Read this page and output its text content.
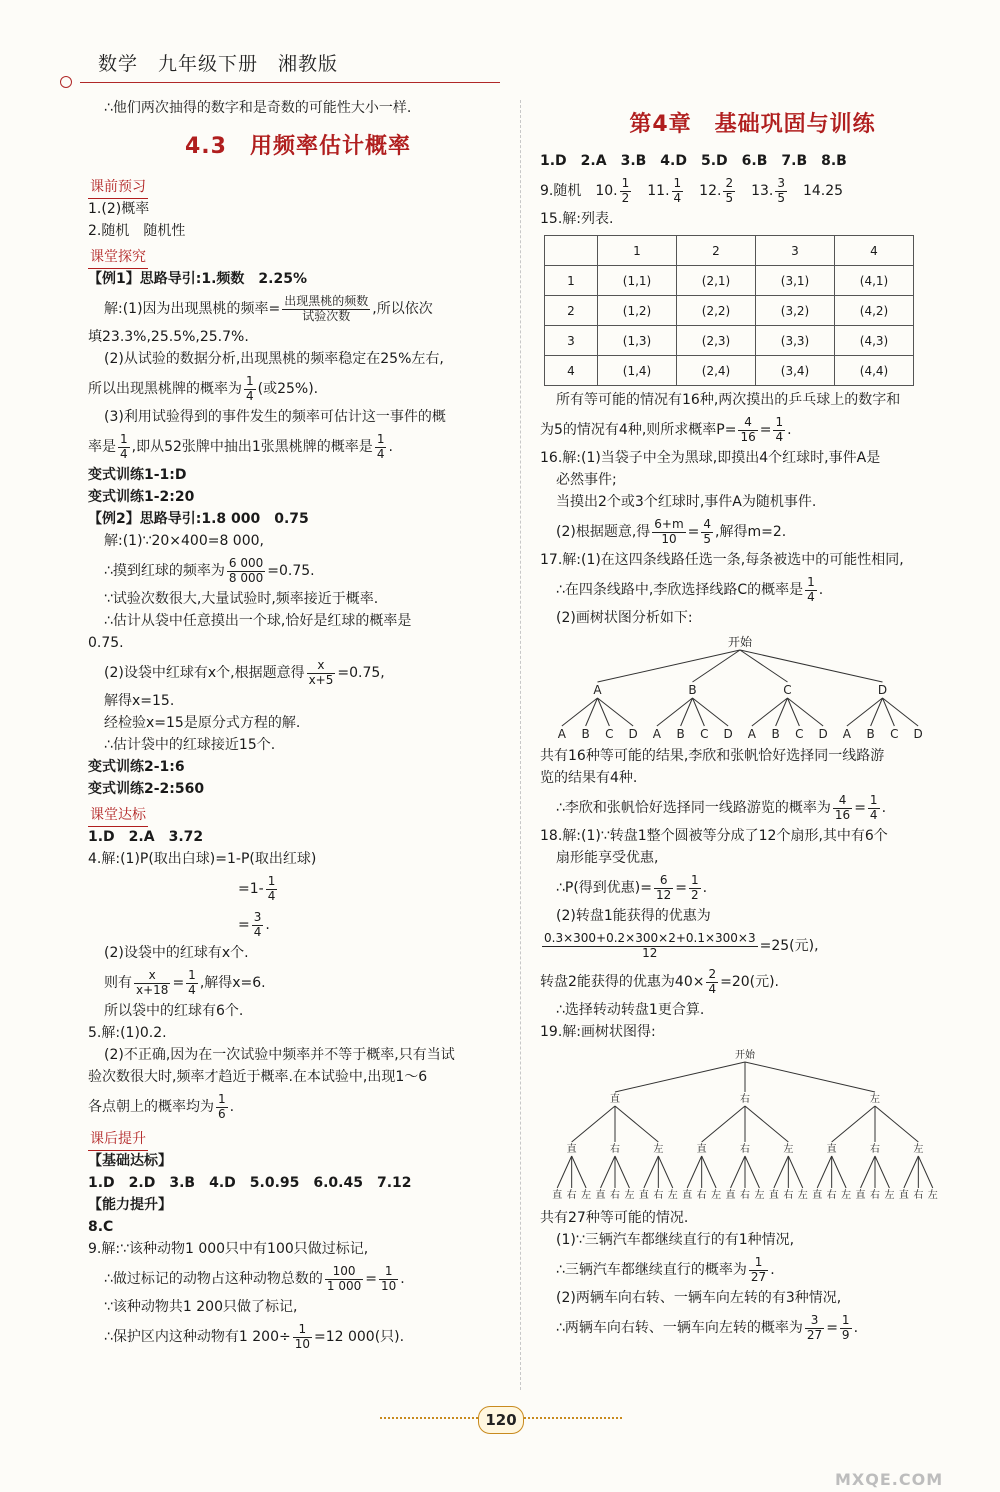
数学　九年级下册　湘教版

∴他们两次抽得的数字和是奇数的可能性大小一样.

4.3　用频率估计概率
课前预习

1.(2)概率

2.随机　随机性

课堂探究

【例1】思路导引:1.频数　2.25%

解:(1)因为出现黑桃的频率= $\frac{\text{出现黑桃的频数}}{\text{试验次数}}$ ,所以依次

填23.3%,25.5%,25.7%.

(2)从试验的数据分析,出现黑桃的频率稳定在25%左右,

所以出现黑桃牌的概率为 $\frac{1}{4}$ (或25%).

(3)利用试验得到的事件发生的频率可估计这一事件的概

率是 $\frac{1}{4}$ ,即从52张牌中抽出1张黑桃牌的概率是 $\frac{1}{4}$ .

变式训练1-1:D

变式训练1-2:20

【例2】思路导引:1.8 000　0.75

解:(1)∵20×400=8 000,

∴摸到红球的频率为 $\frac{6 000}{8 000} =0.75$.

∵试验次数很大,大量试验时,频率接近于概率.

∴估计从袋中任意摸出一个球,恰好是红球的概率是

0.75.

(2)设袋中红球有x个,根据题意得 $\frac{x}{x+5} =0.75$,

解得x=15.

经检验x=15是原分式方程的解.

∴估计袋中的红球接近15个.

变式训练2-1:6

变式训练2-2:560

课堂达标

1.D　2.A　3.72

4.解:(1)P(取出白球)=1-P(取出红球)

$=1- \frac{1}{4}$

= $\frac{3}{4}$ .

(2)设袋中的红球有x个.

则有 $\frac{x}{x+18} = \frac{1}{4}$ ,解得x=6.

所以袋中的红球有6个.

5.解:(1)0.2.

(2)不正确,因为在一次试验中频率并不等于概率,只有当试

验次数很大时,频率才趋近于概率.在本试验中,出现1～6

各点朝上的概率均为 $\frac{1}{6}$ .

课后提升

【基础达标】

1.D　2.D　3.B　4.D　5.0.95　6.0.45　7.12

【能力提升】

8.C

9.解:∵该种动物1 000只中有100只做过标记,

∴做过标记的动物占这种动物总数的 $\frac{100}{1 000} = \frac{1}{10}$ .

∵该种动物共1 200只做了标记,

∴保护区内这种动物有1 $200\div \frac{1}{10} =12$ 000(只).

第4章　基础巩固与训练

1.D　2.A　3.B　4.D　5.D　6.B　7.B　8.B

9.随机　10. $\frac{1}{2}$ 　11. $\frac{1}{4}$ 　12. $\frac{2}{5}$ 　13. $\frac{3}{5}$ 　14.25

15.解:列表.

	1	2	3	4
1	(1,1)	(2,1)	(3,1)	(4,1)
2	(1,2)	(2,2)	(3,2)	(4,2)
3	(1,3)	(2,3)	(3,3)	(4,3)
4	(1,4)	(2,4)	(3,4)	(4,4)

所有等可能的情况有16种,两次摸出的乒乓球上的数字和

为5的情况有4种,则所求概率$P= \frac{4}{16} = \frac{1}{4}$ .

16.解:(1)当袋子中全为黑球,即摸出4个红球时,事件A是

必然事件;

当摸出2个或3个红球时,事件A为随机事件.

(2)根据题意,得 $\frac{6+m}{10} = \frac{4}{5}$ ,解得m=2.

17.解:(1)在这四条线路任选一条,每条被选中的可能性相同,

∴在四条线路中,李欣选择线路C的概率是 $\frac{1}{4}$ .

(2)画树状图分析如下:

开始
A	B	C	D
A B C D A B C D A B C D A B C D

共有16种等可能的结果,李欣和张帆恰好选择同一线路游

览的结果有4种.

∴李欣和张帆恰好选择同一线路游览的概率为 $\frac{4}{16} = \frac{1}{4}$ .

18.解:(1)∵转盘1整个圆被等分成了12个扇形,其中有6个

扇形能享受优惠,

∴P(得到优惠)= $\frac{6}{12} = \frac{1}{2}$ .

(2)转盘1能获得的优惠为

$\frac{0.3\times 300+0.2\times 300\times 2+0.1\times 300\times 3}{12} =25$(元),

转盘2能获得的优惠为$40\times \frac{2}{4} =20$(元).

∴选择转动转盘1更合算.

19.解:画树状图得:

开始
直	右	左
直	右	左	直	右	左	直	右	左
直 右 左 直 右 左 直 右 左 直 右 左 直 右 左 直 右 左 直 右 左 直 右 左 直 右 左

共有27种等可能的情况.

(1)∵三辆汽车都继续直行的有1种情况,

∴三辆汽车都继续直行的概率为 $\frac{1}{27}$ .

(2)两辆车向右转、一辆车向左转的有3种情况,

∴两辆车向右转、一辆车向左转的概率为 $\frac{3}{27} = \frac{1}{9}$ .

120
MXQE.COM
